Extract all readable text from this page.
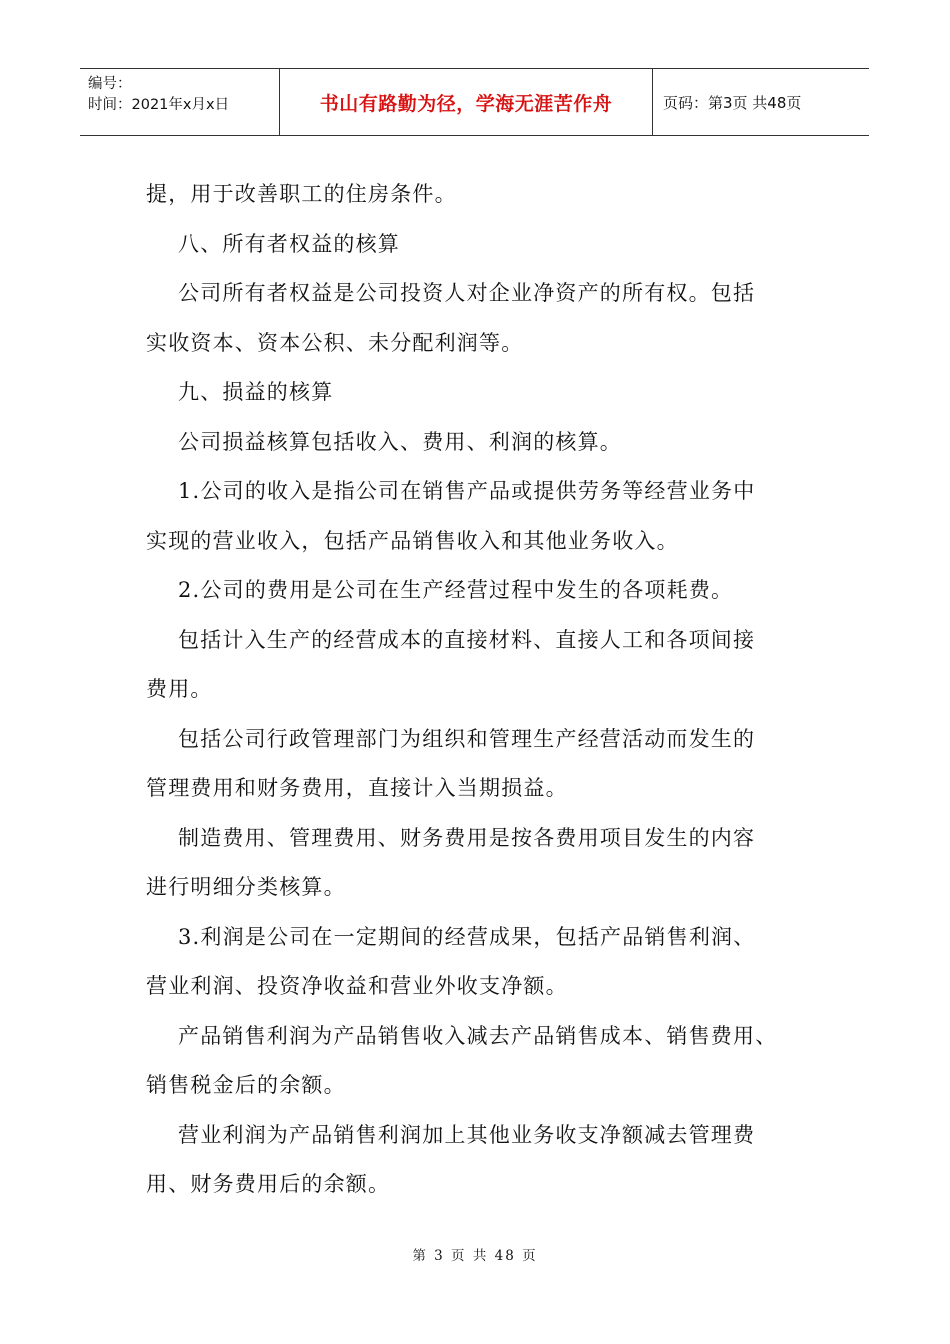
编号：
时间：2021年x月x日	书山有路勤为径，学海无涯苦作舟	页码：第3页 共48页
提，用于改善职工的住房条件。
八、所有者权益的核算
公司所有者权益是公司投资人对企业净资产的所有权。包括
实收资本、资本公积、未分配利润等。
九、损益的核算
公司损益核算包括收入、费用、利润的核算。
1.公司的收入是指公司在销售产品或提供劳务等经营业务中
实现的营业收入，包括产品销售收入和其他业务收入。
2.公司的费用是公司在生产经营过程中发生的各项耗费。
包括计入生产的经营成本的直接材料、直接人工和各项间接
费用。
包括公司行政管理部门为组织和管理生产经营活动而发生的
管理费用和财务费用，直接计入当期损益。
制造费用、管理费用、财务费用是按各费用项目发生的内容
进行明细分类核算。
3.利润是公司在一定期间的经营成果，包括产品销售利润、
营业利润、投资净收益和营业外收支净额。
产品销售利润为产品销售收入减去产品销售成本、销售费用、
销售税金后的余额。
营业利润为产品销售利润加上其他业务收支净额减去管理费
用、财务费用后的余额。
第 3 页 共 48 页
